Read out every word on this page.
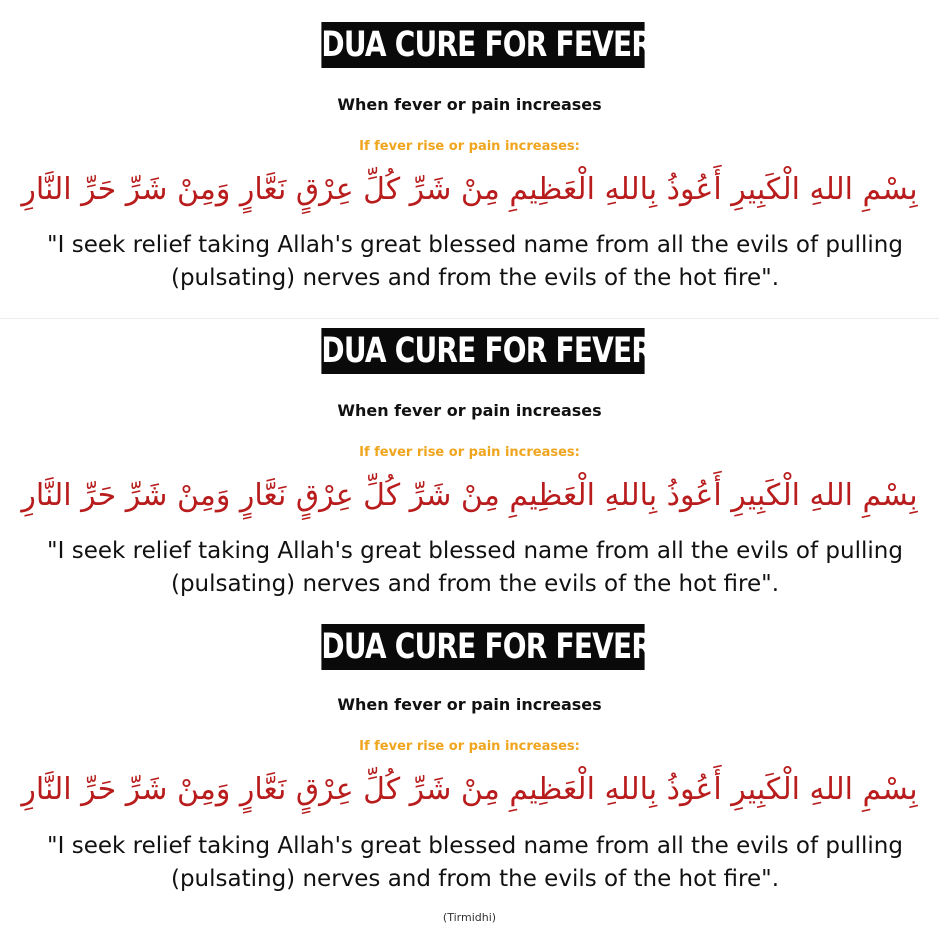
DUA CURE FOR FEVER & PAIN
When fever or pain increases
If fever rise or pain increases:
بِسْمِ اللهِ الْكَبِيرِ أَعُوذُ بِاللهِ الْعَظِيمِ مِنْ شَرِّ كُلِّ عِرْقٍ نَعَّارٍ وَمِنْ شَرِّ حَرِّ النَّارِ
"I seek relief taking Allah's great blessed name from all the evils of pulling (pulsating) nerves and from the evils of the hot fire".
DUA CURE FOR FEVER & PAIN
When fever or pain increases
If fever rise or pain increases:
بِسْمِ اللهِ الْكَبِيرِ أَعُوذُ بِاللهِ الْعَظِيمِ مِنْ شَرِّ كُلِّ عِرْقٍ نَعَّارٍ وَمِنْ شَرِّ حَرِّ النَّارِ
"I seek relief taking Allah's great blessed name from all the evils of pulling (pulsating) nerves and from the evils of the hot fire".
DUA CURE FOR FEVER & PAIN
When fever or pain increases
If fever rise or pain increases:
بِسْمِ اللهِ الْكَبِيرِ أَعُوذُ بِاللهِ الْعَظِيمِ مِنْ شَرِّ كُلِّ عِرْقٍ نَعَّارٍ وَمِنْ شَرِّ حَرِّ النَّارِ
"I seek relief taking Allah's great blessed name from all the evils of pulling (pulsating) nerves and from the evils of the hot fire".
(Tirmidhi)
